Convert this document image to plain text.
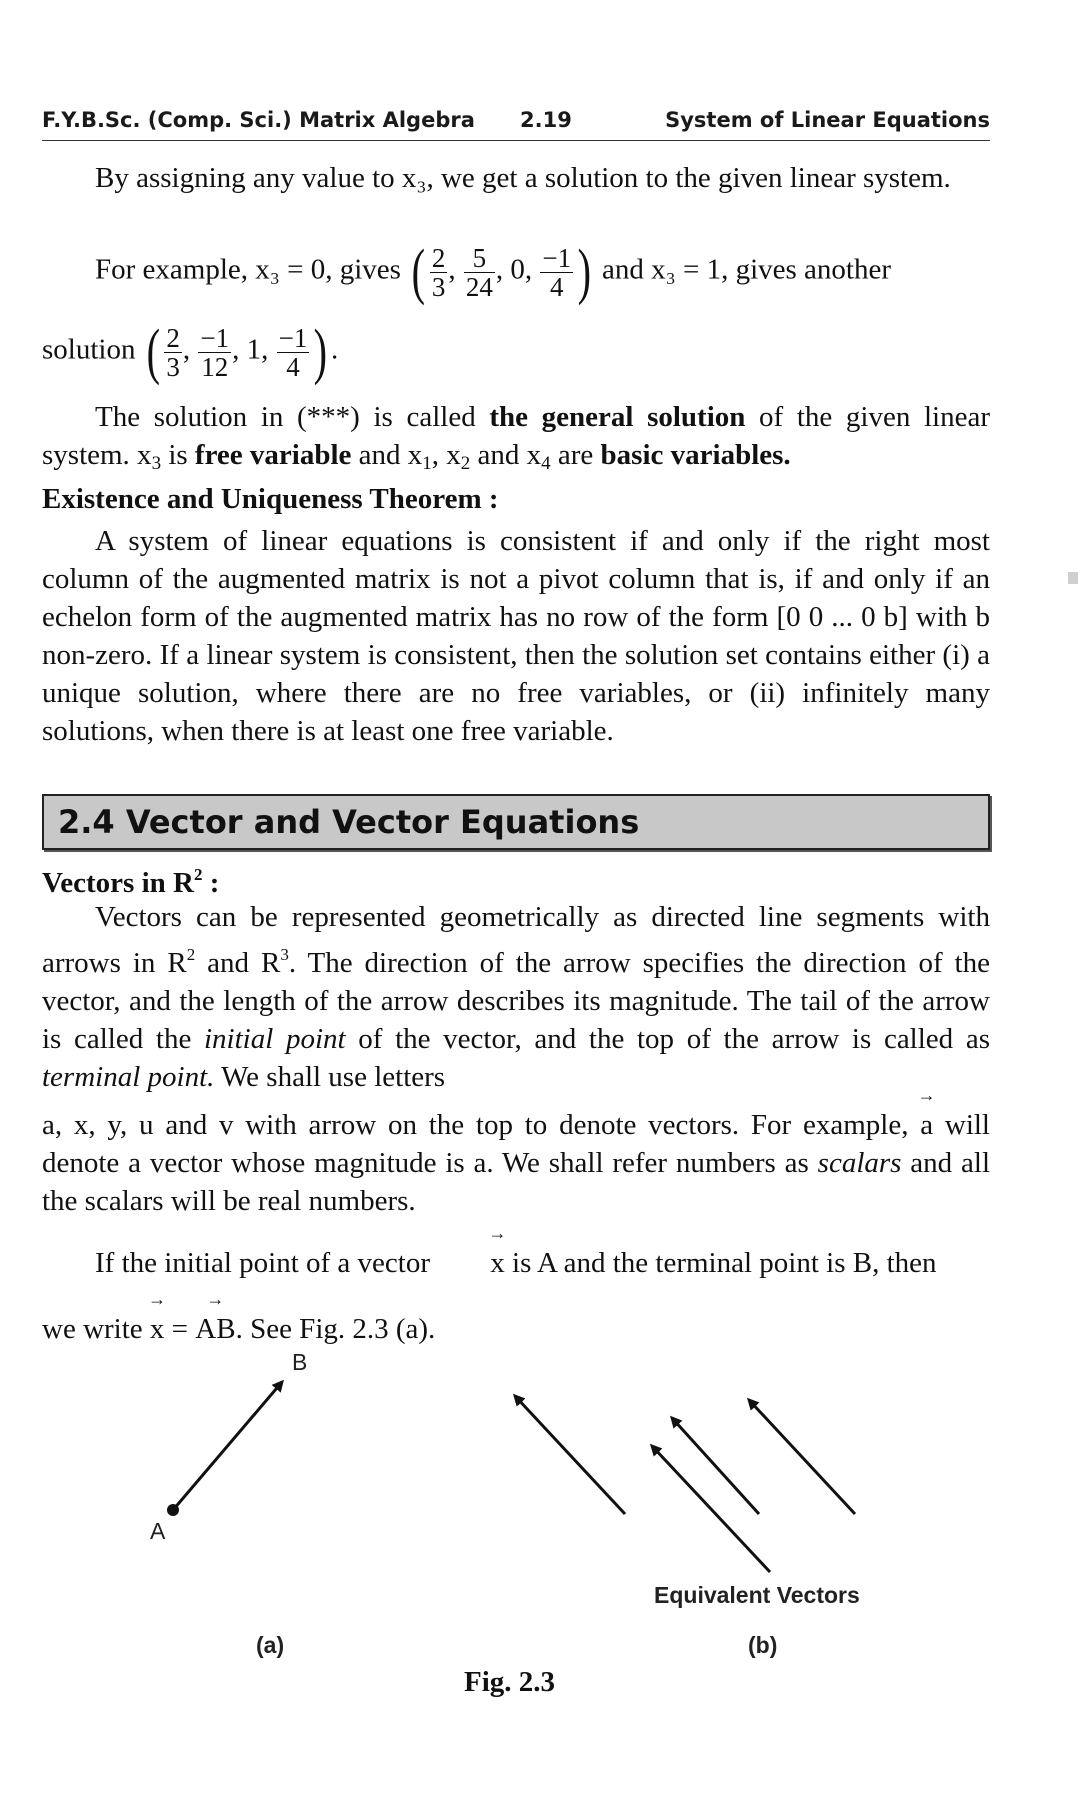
F.Y.B.Sc. (Comp. Sci.) Matrix Algebra 2.19	System of Linear Equations
By assigning any value to x₃, we get a solution to the given linear system.
For example, x₃ = 0, gives ( $\frac{2}{3}$ , $\frac{5}{24}$ , 0, $\frac{-1}{4}$ ) and x₃ = 1, gives another
solution ( $\frac{2}{3}$ , $\frac{-1}{12}$ , 1, $\frac{-1}{4}$ ) .
The solution in (***) is called the general solution of the given linear system. $x_3$ is free variable and $x_1$, $x_2$ and $x_4$ are basic variables.
Existence and Uniqueness Theorem :
A system of linear equations is consistent if and only if the right most column of the augmented matrix is not a pivot column that is, if and only if an echelon form of the augmented matrix has no row of the form [0 0 ... 0 b] with b non-zero. If a linear system is consistent, then the solution set contains either (i) a unique solution, where there are no free variables, or (ii) infinitely many solutions, when there is at least one free variable.
2.4 Vector and Vector Equations
Vectors in $R^2$ :
Vectors can be represented geometrically as directed line segments with arrows in $R^2$ and $R^3$. The direction of the arrow specifies the direction of the vector, and the length of the arrow describes its magnitude. The tail of the arrow is called the initial point of the vector, and the top of the arrow is called as terminal point. We shall use letters
a, x, y, u and v with arrow on the top to denote vectors. For example, → a will denote a vector whose magnitude is a. We shall refer numbers as scalars and all the scalars will be real numbers.
If the initial point of a vector → x is A and the terminal point is B, then
we write → x = → AB. See Fig. 2.3 (a).
B
A
Equivalent Vectors
(a)	(b)
Fig. 2.3
